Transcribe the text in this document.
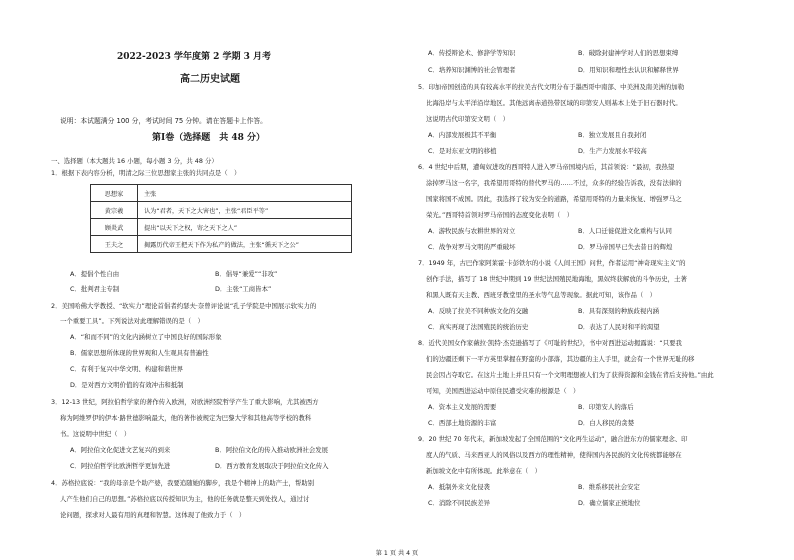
2022-2023 学年度第 2 学期 3 月考
高二历史试题
说明：本试题满分 100 分，考试时间 75 分钟。请在答题卡上作答。
第Ⅰ卷（选择题　共 48 分）
一、选择题（本大题共 16 小题，每小题 3 分，共 48 分）
1．根据下表内容分析，明清之际三位思想家主张的共同点是（　）
思想家	主张
黄宗羲	认为“君者，天下之大害也”，主张“君臣平等”
顾炎武	提出“以天下之权，寄之天下之人”
王夫之	揭露历代帝王把天下作为私产的做法，主张“循天下之公”
A．提倡个性自由	B．倡导“兼爱”“非攻”
C．批判君主专制	D．主张“工商皆本”
2．美国哈佛大学教授、“软实力”理论首倡者约瑟夫·奈曾评论说“孔子学院是中国展示软实力的
一个重要工具”。下列说法对此理解错误的是（　）
A．“和而不同”的文化内涵树立了中国良好的国际形象
B．儒家思想所体现的世界观和人生观具有普遍性
C．有利于复兴中华文明、构建和谐世界
D．是对西方文明价值的有效冲击和抵制
3．12-13 世纪，阿拉伯哲学家的著作传入欧洲，对欧洲经院哲学产生了重大影响，尤其被西方
称为阿维罗伊的伊本·路世德影响最大，他的著作被规定为巴黎大学和其他高等学校的教科
书。这说明中世纪（　）
A．阿拉伯文化促进文艺复兴的到来	B．阿拉伯文化的传入推动欧洲社会发展
C．阿拉伯哲学比欧洲哲学更加先进	D．西方教育发展取决于阿拉伯文化传入
4．苏格拉底说：“我的母亲是个助产婆，我要追随她的脚步，我是个精神上的助产士，帮助别
人产生他们自己的思想。”苏格拉底以传授知识为主，他的任务就是整天到处找人，通过讨
论问题，探求对人最有用的真理和智慧。这体现了他致力于（　）
A．传授辩论术、修辞学等知识	B．破除封建神学对人们的思想束缚
C．培养知识渊博的社会管理者	D．用知识和理性去认识和解释世界
5．印加帝国创造的具有较高水平的拉美古代文明分布于墨西哥中南部、中美洲及南美洲的加勒
比海沿岸与太平洋沿岸地区。其他远离赤道热带区域的印第安人则基本上处于旧石器时代。
这说明古代印第安文明（　）
A．内部发展极其不平衡	B．独立发展且自我封闭
C．是对东亚文明的移植	D．生产力发展水平较高
6．4 世纪中后期，遭匈奴进攻的西哥特人进入罗马帝国境内后，其首领说：“最初，我热望
涂掉罗马这一名字，我希望用哥特的替代罗马的……不过，众多的经验告诉我，没有法律的
国家将国不成国。因此，我选择了较为安全的道路，希望用哥特的力量来恢复、增强罗马之
荣光。”西哥特首领对罗马帝国的态度变化表明（　）
A．游牧民族与农耕世界的对立	B．人口迁徙促进文化重构与认同
C．战争对罗马文明的严重破坏	D．罗马帝国早已失去昔日的辉煌
7．1949 年，古巴作家阿莱霍·卡彭铁尔的小说《人间王国》问世，作者运用“神奇现实主义”的
创作手法，描写了 18 世纪中期到 19 世纪法国殖民地海地，黑奴终获解放的斗争历史，土著
和黑人既有天主教、西班牙教堂里的圣水等气息等现象。据此可知，该作品（　）
A．反映了拉美不同种族文化的交融	B．具有深刻的种族歧视内涵
C．真实再现了法国殖民的统治历史	D．表达了人民对和平的渴望
8．近代美国女作家薇拉·凯特·杰克逊描写了《可耻的世纪》，书中对西进运动揭露说：“只要我
们的边疆还剩下一平方英里掌握在野蛮的小部落，其边疆的主人手里，就会有一个世界无耻的移
民会因占夺取它。在这片土地上并且只有一个文明理想被人们为了获得资源和金钱在背后支持他。”由此
可知，美国西进运动中原住民遭受灾难的根源是（　）
A．资本主义发展的需要	B．印第安人的落后
C．西部土地资源的丰富	D．白人移民的贪婪
9．20 世纪 70 年代末，新加坡发起了全国范围的“文化再生运动”，融合进东方的儒家理念、印
度人的气质、马来西亚人的风俗以及西方的理性精神，使得国内各民族的文化传统都能够在
新加坡文化中有所体现。此举意在（　）
A．抵制外来文化侵袭	B．维系移民社会安定
C．消除不同民族差异	D．确立儒家正统地位
第 1 页 共 4 页
